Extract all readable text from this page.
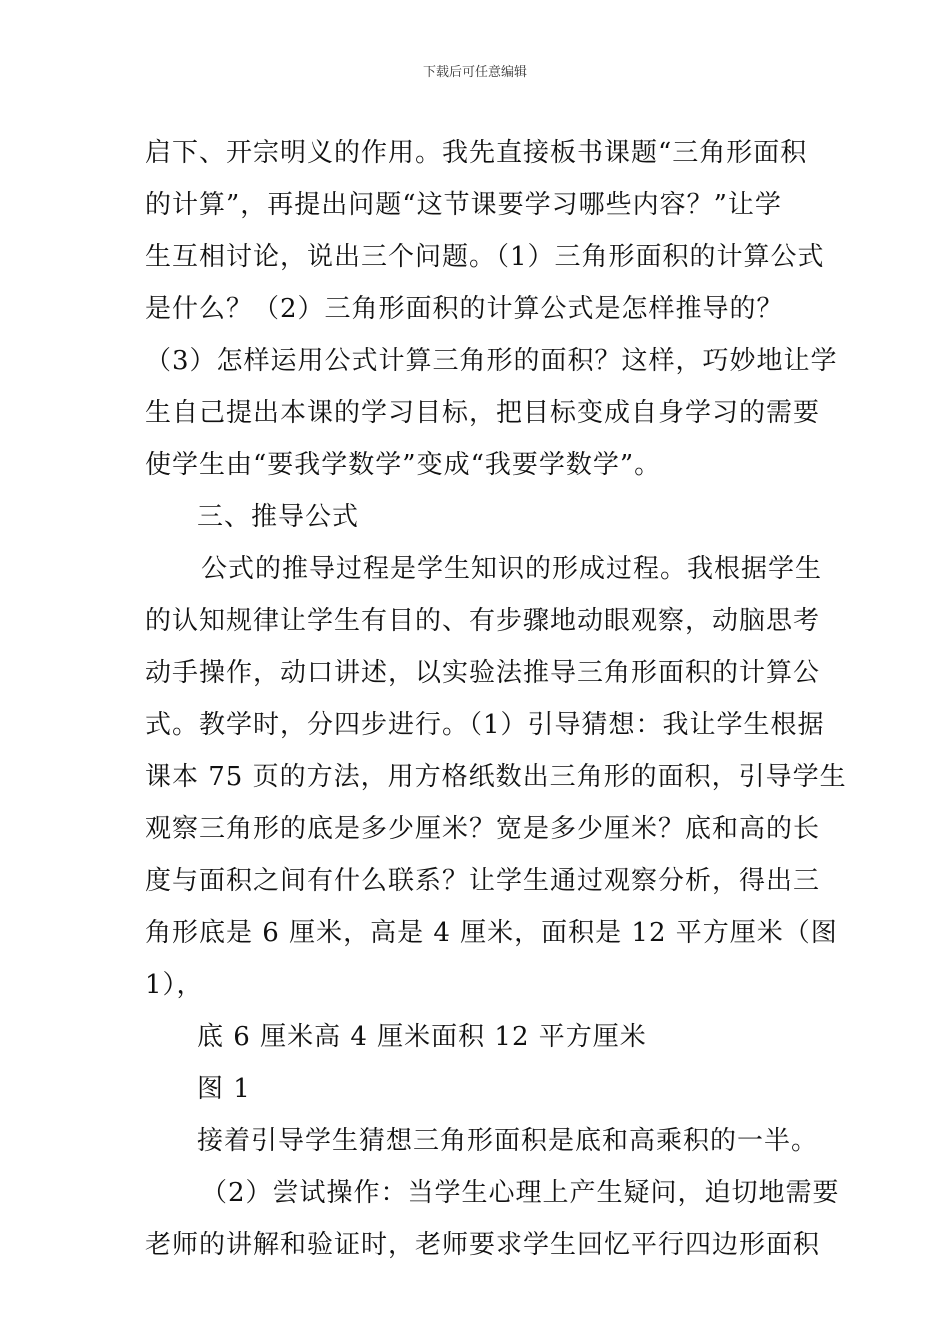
下载后可任意编辑
启下、开宗明义的作用。我先直接板书课题“三角形面积
的计算”，再提出问题“这节课要学习哪些内容？”让学
生互相讨论，说出三个问题。（1）三角形面积的计算公式
是什么？（2）三角形面积的计算公式是怎样推导的？
（3）怎样运用公式计算三角形的面积？这样，巧妙地让学
生自己提出本课的学习目标，把目标变成自身学习的需要
使学生由“要我学数学”变成“我要学数学”。
三、推导公式
公式的推导过程是学生知识的形成过程。我根据学生
的认知规律让学生有目的、有步骤地动眼观察，动脑思考
动手操作，动口讲述，以实验法推导三角形面积的计算公
式。教学时，分四步进行。（1）引导猜想：我让学生根据
课本 75 页的方法，用方格纸数出三角形的面积，引导学生
观察三角形的底是多少厘米？宽是多少厘米？底和高的长
度与面积之间有什么联系？让学生通过观察分析，得出三
角形底是 6 厘米，高是 4 厘米，面积是 12 平方厘米（图
1），
底 6 厘米高 4 厘米面积 12 平方厘米
图 1
接着引导学生猜想三角形面积是底和高乘积的一半。
（2）尝试操作：当学生心理上产生疑问，迫切地需要
老师的讲解和验证时，老师要求学生回忆平行四边形面积
